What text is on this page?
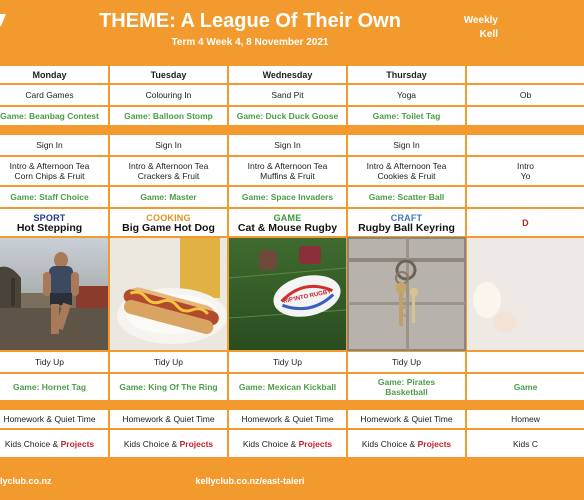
THEME: A League Of Their Own
Term 4 Week 4, 8 November 2021
Weekly
Kell
Monday
Card Games
Game: Beanbag Contest
Sign In
Intro & Afternoon Tea
Corn Chips & Fruit
Game: Staff Choice
SPORT
Hot Stepping
Tidy Up
Game: Hornet Tag
Homework & Quiet Time
Kids Choice & Projects
Tuesday
Colouring In
Game: Balloon Stomp
Sign In
Intro & Afternoon Tea
Crackers & Fruit
Game: Master
COOKING
Big Game Hot Dog
Tidy Up
Game: King Of The Ring
Homework & Quiet Time
Kids Choice & Projects
Wednesday
Sand Pit
Game: Duck Duck Goose
Sign In
Intro & Afternoon Tea
Muffins & Fruit
Game: Space Invaders
GAME
Cat & Mouse Rugby
RIP'INTO RUGBY
Tidy Up
Game: Mexican Kickball
Homework & Quiet Time
Kids Choice & Projects
Thursday
Yoga
Game: Toilet Tag
Sign In
Intro & Afternoon Tea
Cookies & Fruit
Game: Scatter Ball
CRAFT
Rugby Ball Keyring
Tidy Up
Game: Pirates
Basketball
Homework & Quiet Time
Kids Choice & Projects
Ob
Intro
Yo
D
Game
Homew
Kids C
lyclub.co.nz	kellyclub.co.nz/east-taieri
